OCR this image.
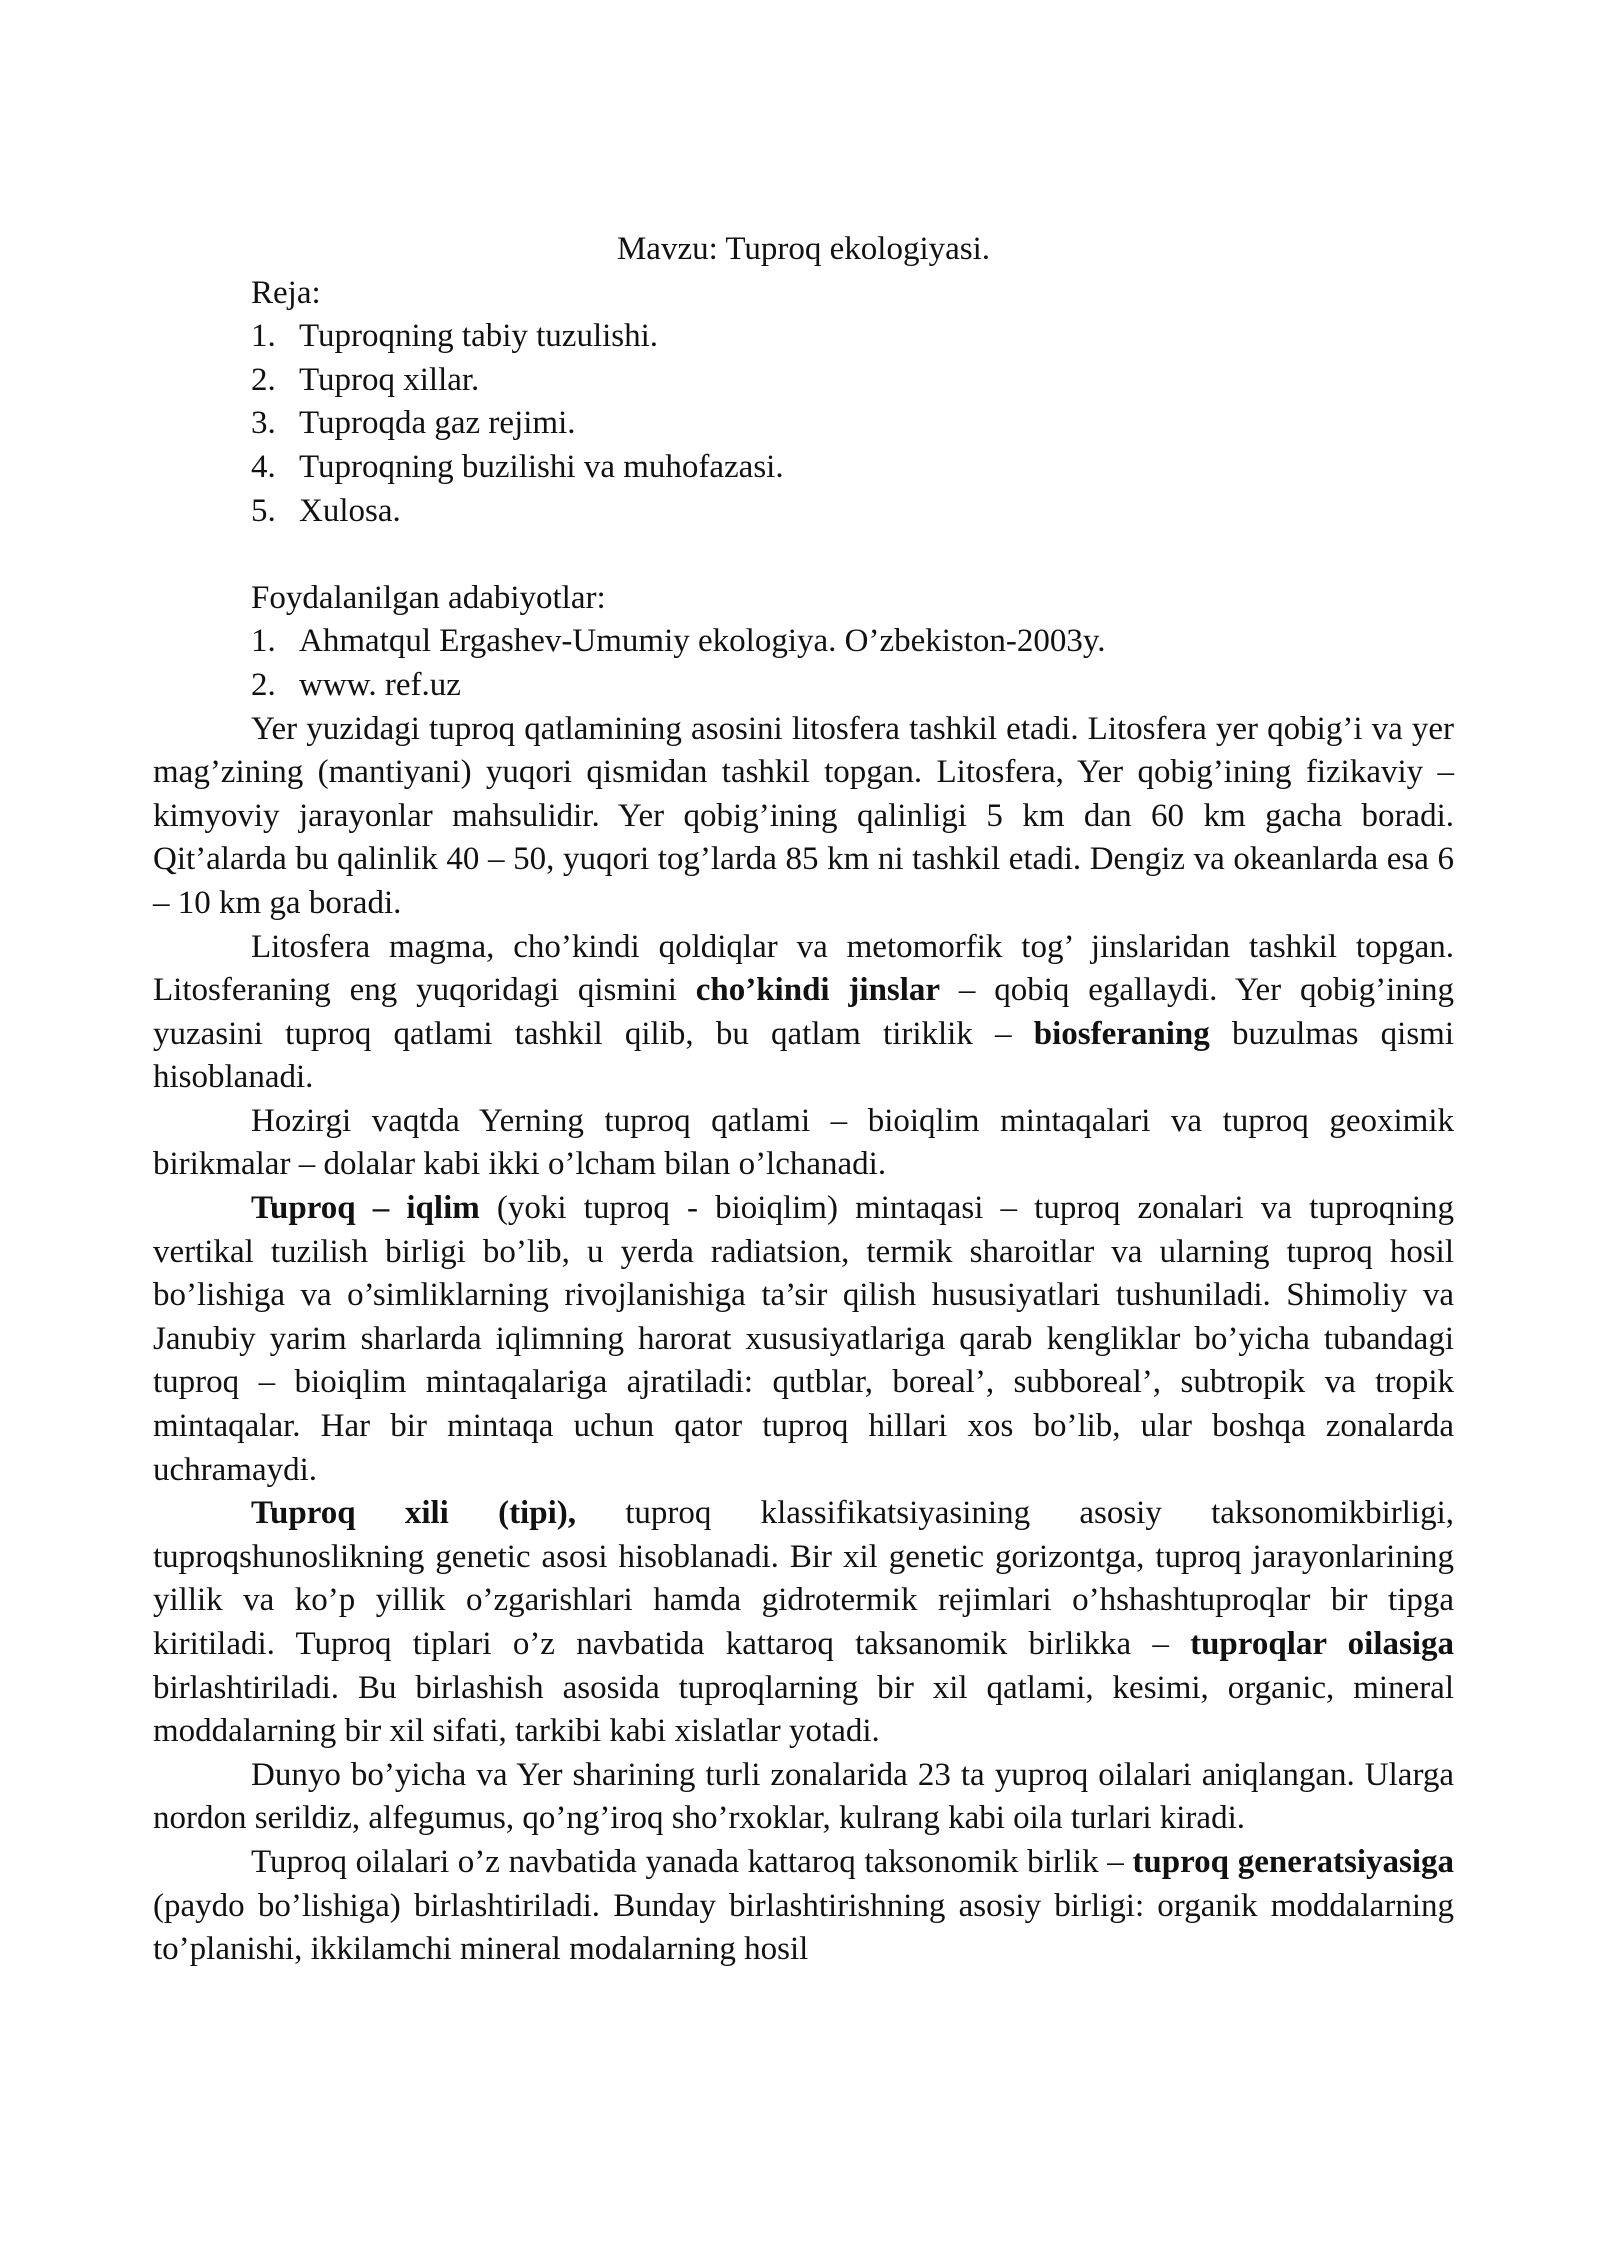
Mavzu: Tuproq ekologiyasi.

Reja:

1. Tuproqning tabiy tuzulishi.
2. Tuproq xillar.
3. Tuproqda gaz rejimi.
4. Tuproqning buzilishi va muhofazasi.
5. Xulosa.

Foydalanilgan adabiyotlar:

1. Ahmatqul Ergashev-Umumiy ekologiya. O’zbekiston-2003y.
2. www. ref.uz

Yer yuzidagi tuproq qatlamining asosini litosfera tashkil etadi. Litosfera yer qobig’i va yer mag’zining (mantiyani) yuqori qismidan tashkil topgan. Litosfera, Yer qobig’ining fizikaviy – kimyoviy jarayonlar mahsulidir. Yer qobig’ining qalinligi 5 km dan 60 km gacha boradi. Qit’alarda bu qalinlik 40 – 50, yuqori tog’larda 85 km ni tashkil etadi. Dengiz va okeanlarda esa 6 – 10 km ga boradi.

Litosfera magma, cho’kindi qoldiqlar va metomorfik tog’ jinslaridan tashkil topgan. Litosferaning eng yuqoridagi qismini cho’kindi jinslar – qobiq egallaydi. Yer qobig’ining yuzasini tuproq qatlami tashkil qilib, bu qatlam tiriklik – biosferaning buzulmas qismi hisoblanadi.

Hozirgi vaqtda Yerning tuproq qatlami – bioiqlim mintaqalari va tuproq geoximik birikmalar – dolalar kabi ikki o’lcham bilan o’lchanadi.

Tuproq – iqlim (yoki tuproq - bioiqlim) mintaqasi – tuproq zonalari va tuproqning vertikal tuzilish birligi bo’lib, u yerda radiatsion, termik sharoitlar va ularning tuproq hosil bo’lishiga va o’simliklarning rivojlanishiga ta’sir qilish hususiyatlari tushuniladi. Shimoliy va Janubiy yarim sharlarda iqlimning harorat xususiyatlariga qarab kengliklar bo’yicha tubandagi tuproq – bioiqlim mintaqalariga ajratiladi: qutblar, boreal’, subboreal’, subtropik va tropik mintaqalar. Har bir mintaqa uchun qator tuproq hillari xos bo’lib, ular boshqa zonalarda uchramaydi.

Tuproq xili (tipi), tuproq klassifikatsiyasining asosiy taksonomikbirligi, tuproqshunoslikning genetic asosi hisoblanadi. Bir xil genetic gorizontga, tuproq jarayonlarining yillik va ko’p yillik o’zgarishlari hamda gidrotermik rejimlari o’hshashtuproqlar bir tipga kiritiladi. Tuproq tiplari o’z navbatida kattaroq taksanomik birlikka – tuproqlar oilasiga birlashtiriladi. Bu birlashish asosida tuproqlarning bir xil qatlami, kesimi, organic, mineral moddalarning bir xil sifati, tarkibi kabi xislatlar yotadi.

Dunyo bo’yicha va Yer sharining turli zonalarida 23 ta yuproq oilalari aniqlangan. Ularga nordon serildiz, alfegumus, qo’ng’iroq sho’rxoklar, kulrang kabi oila turlari kiradi.

Tuproq oilalari o’z navbatida yanada kattaroq taksonomik birlik – tuproq generatsiyasiga (paydo bo’lishiga) birlashtiriladi. Bunday birlashtirishning asosiy birligi: organik moddalarning to’planishi, ikkilamchi mineral modalarning hosil
